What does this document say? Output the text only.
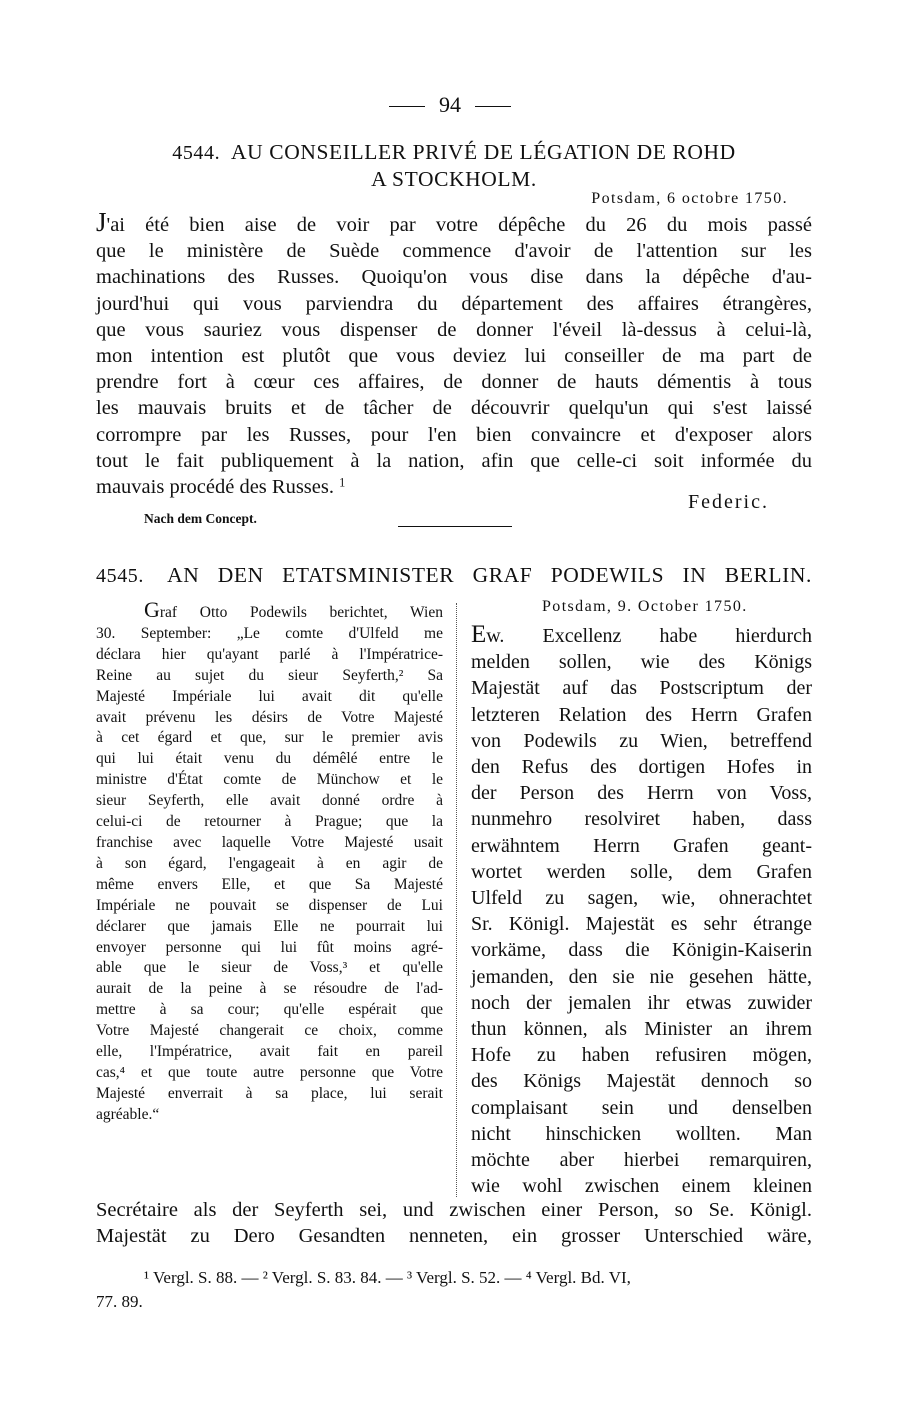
94
4544. AU CONSEILLER PRIVÉ DE LÉGATION DE ROHD
A STOCKHOLM.
Potsdam, 6 octobre 1750.
J'ai été bien aise de voir par votre dépêche du 26 du mois passé
que le ministère de Suède commence d'avoir de l'attention sur les
machinations des Russes. Quoiqu'on vous dise dans la dépêche d'au-
jourd'hui qui vous parviendra du département des affaires étrangères,
que vous sauriez vous dispenser de donner l'éveil là-dessus à celui-là,
mon intention est plutôt que vous deviez lui conseiller de ma part de
prendre fort à cœur ces affaires, de donner de hauts démentis à tous
les mauvais bruits et de tâcher de découvrir quelqu'un qui s'est laissé
corrompre par les Russes, pour l'en bien convaincre et d'exposer alors
tout le fait publiquement à la nation, afin que celle-ci soit informée du
mauvais procédé des Russes. $^1$
Federic.
Nach dem Concept.
4545. AN DEN ETATSMINISTER GRAF PODEWILS IN BERLIN.
Graf Otto Podewils berichtet, Wien
30. September: „Le comte d'Ulfeld me
déclara hier qu'ayant parlé à l'Impératrice-
Reine au sujet du sieur Seyferth,² Sa
Majesté Impériale lui avait dit qu'elle
avait prévenu les désirs de Votre Majesté
à cet égard et que, sur le premier avis
qui lui était venu du démêlé entre le
ministre d'État comte de Münchow et le
sieur Seyferth, elle avait donné ordre à
celui-ci de retourner à Prague; que la
franchise avec laquelle Votre Majesté usait
à son égard, l'engageait à en agir de
même envers Elle, et que Sa Majesté
Impériale ne pouvait se dispenser de Lui
déclarer que jamais Elle ne pourrait lui
envoyer personne qui lui fût moins agré-
able que le sieur de Voss,³ et qu'elle
aurait de la peine à se résoudre de l'ad-
mettre à sa cour; qu'elle espérait que
Votre Majesté changerait ce choix, comme
elle, l'Impératrice, avait fait en pareil
cas,⁴ et que toute autre personne que Votre
Majesté enverrait à sa place, lui serait
agréable.“
Potsdam, 9. October 1750.
Ew. Excellenz habe hierdurch
melden sollen, wie des Königs
Majestät auf das Postscriptum der
letzteren Relation des Herrn Grafen
von Podewils zu Wien, betreffend
den Refus des dortigen Hofes in
der Person des Herrn von Voss,
nunmehro resolviret haben, dass
erwähntem Herrn Grafen geant-
wortet werden solle, dem Grafen
Ulfeld zu sagen, wie, ohnerachtet
Sr. Königl. Majestät es sehr étrange
vorkäme, dass die Königin-Kaiserin
jemanden, den sie nie gesehen hätte,
noch der jemalen ihr etwas zuwider
thun können, als Minister an ihrem
Hofe zu haben refusiren mögen,
des Königs Majestät dennoch so
complaisant sein und denselben
nicht hinschicken wollten. Man
möchte aber hierbei remarquiren,
wie wohl zwischen einem kleinen
Secrétaire als der Seyferth sei, und zwischen einer Person, so Se. Königl.
Majestät zu Dero Gesandten nenneten, ein grosser Unterschied wäre,
¹ Vergl. S. 88. — ² Vergl. S. 83. 84. — ³ Vergl. S. 52. — ⁴ Vergl. Bd. VI,
77. 89.
